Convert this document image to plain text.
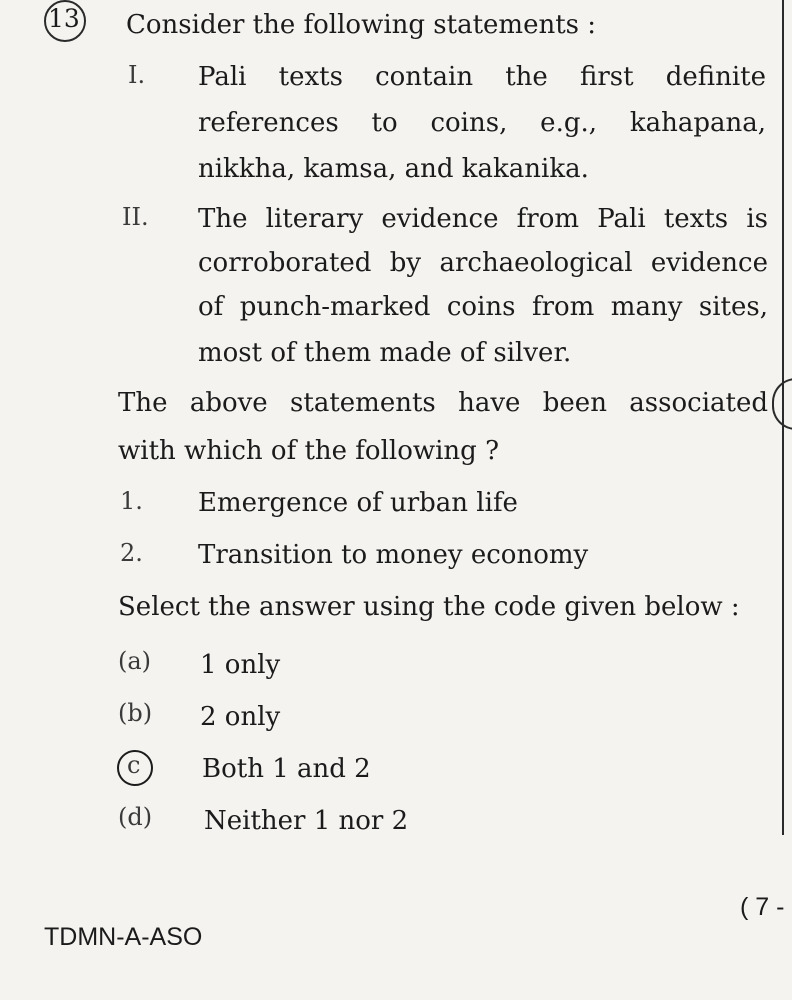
13 Consider the following statements :
I. Pali texts contain the first definite
references to coins, e.g., kahapana,
nikkha, kamsa, and kakanika.
II. The literary evidence from Pali texts is
corroborated by archaeological evidence
of punch-marked coins from many sites,
most of them made of silver.
The above statements have been associated
with which of the following ?
1. Emergence of urban life
2. Transition to money economy
Select the answer using the code given below :
(a) 1 only
(b) 2 only
c Both 1 and 2
(d) Neither 1 nor 2
TDMN-A-ASO
( 7 -
